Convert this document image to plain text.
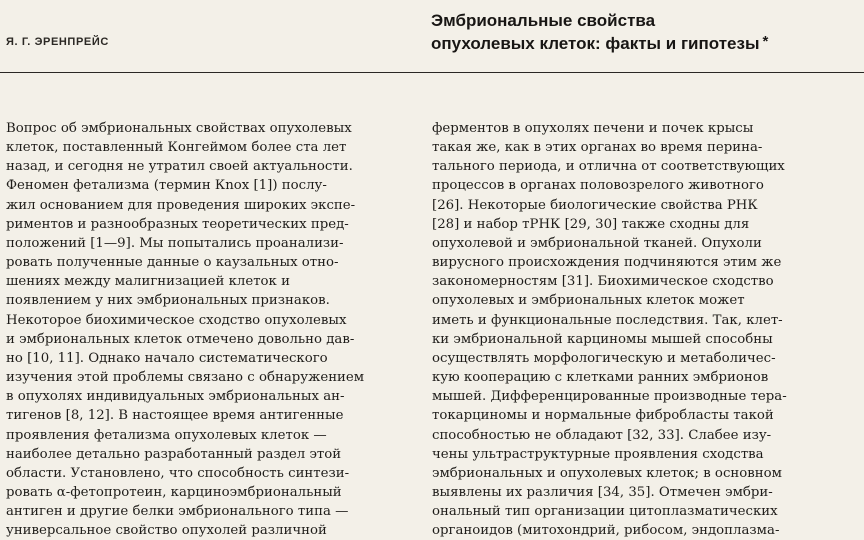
Я. Г. ЭРЕНПРЕЙС
Эмбриональные свойства
опухолевых клеток: факты и гипотезы *
Вопрос об эмбриональных свойствах опухолевых
клеток, поставленный Конгеймом более ста лет
назад, и сегодня не утратил своей актуальности.
Феномен фетализма (термин Кnох [1]) послу-
жил основанием для проведения широких экспе-
риментов и разнообразных теоретических пред-
положений [1—9]. Мы попытались проанализи-
ровать полученные данные о каузальных отно-
шениях между малигнизацией клеток и
появлением у них эмбриональных признаков.
Некоторое биохимическое сходство опухолевых
и эмбриональных клеток отмечено довольно дав-
но [10, 11]. Однако начало систематического
изучения этой проблемы связано с обнаружением
в опухолях индивидуальных эмбриональных ан-
тигенов [8, 12]. В настоящее время антигенные
проявления фетализма опухолевых клеток —
наиболее детально разработанный раздел этой
области. Установлено, что способность синтези-
ровать α-фетопротеин, карциноэмбриональный
антиген и другие белки эмбрионального типа —
универсальное свойство опухолей различной
ферментов в опухолях печени и почек крысы
такая же, как в этих органах во время перина-
тального периода, и отлична от соответствующих
процессов в органах половозрелого животного
[26]. Некоторые биологические свойства РНК
[28] и набор тРНК [29, 30] также сходны для
опухолевой и эмбриональной тканей. Опухоли
вирусного происхождения подчиняются этим же
закономерностям [31]. Биохимическое сходство
опухолевых и эмбриональных клеток может
иметь и функциональные последствия. Так, клет-
ки эмбриональной карциномы мышей способны
осуществлять морфологическую и метаболичес-
кую кооперацию с клетками ранних эмбрионов
мышей. Дифференцированные производные тера-
токарциномы и нормальные фибробласты такой
способностью не обладают [32, 33]. Слабее изу-
чены ультраструктурные проявления сходства
эмбриональных и опухолевых клеток; в основном
выявлены их различия [34, 35]. Отмечен эмбри-
ональный тип организации цитоплазматических
органоидов (митохондрий, рибосом, эндоплазма-
